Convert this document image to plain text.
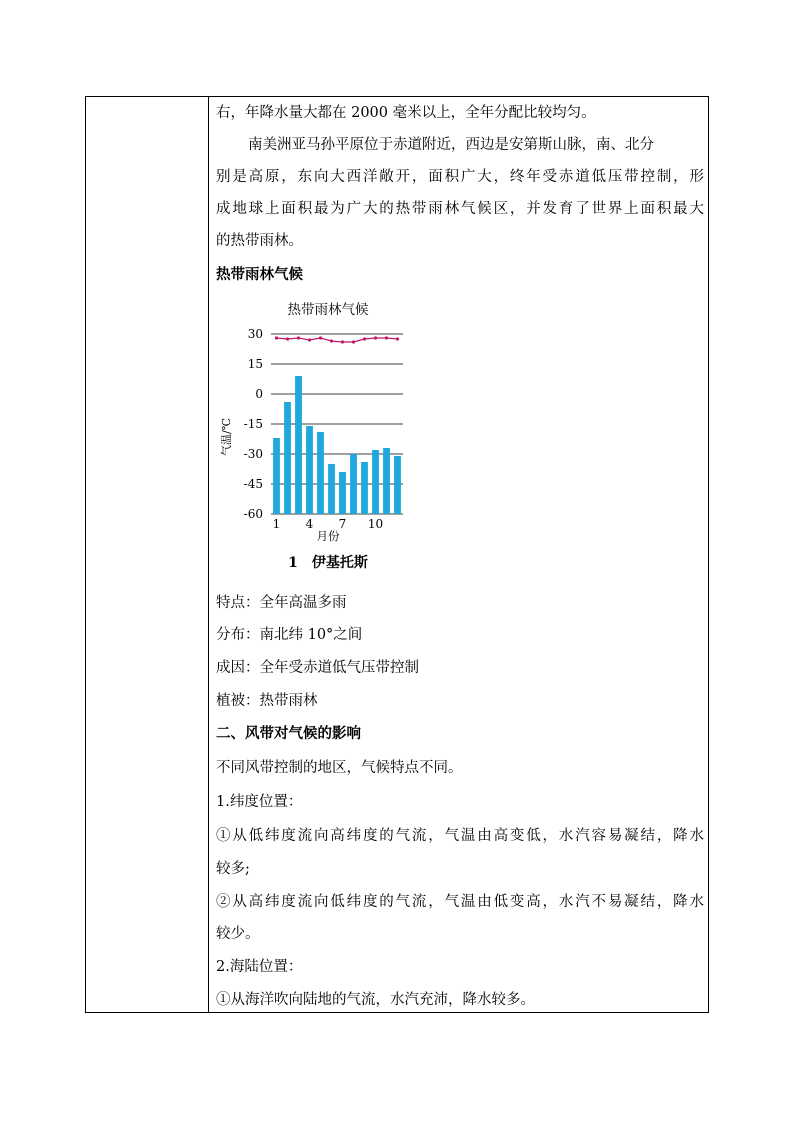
右，年降水量大都在 2000 毫米以上，全年分配比较均匀。
南美洲亚马孙平原位于赤道附近，西边是安第斯山脉，南、北分
别是高原，东向大西洋敞开，面积广大，终年受赤道低压带控制，形
成地球上面积最为广大的热带雨林气候区，并发育了世界上面积最大
的热带雨林。
热带雨林气候
热带雨林气候
30
15
0
-15
-30
-45
-60
1 4 7 10
气温/℃
月份
1　伊基托斯
特点：全年高温多雨
分布：南北纬 10°之间
成因：全年受赤道低气压带控制
植被：热带雨林
二、风带对气候的影响
不同风带控制的地区，气候特点不同。
1.纬度位置：
①从低纬度流向高纬度的气流，气温由高变低，水汽容易凝结，降水
较多;
②从高纬度流向低纬度的气流，气温由低变高，水汽不易凝结，降水
较少。
2.海陆位置：
①从海洋吹向陆地的气流，水汽充沛，降水较多。
